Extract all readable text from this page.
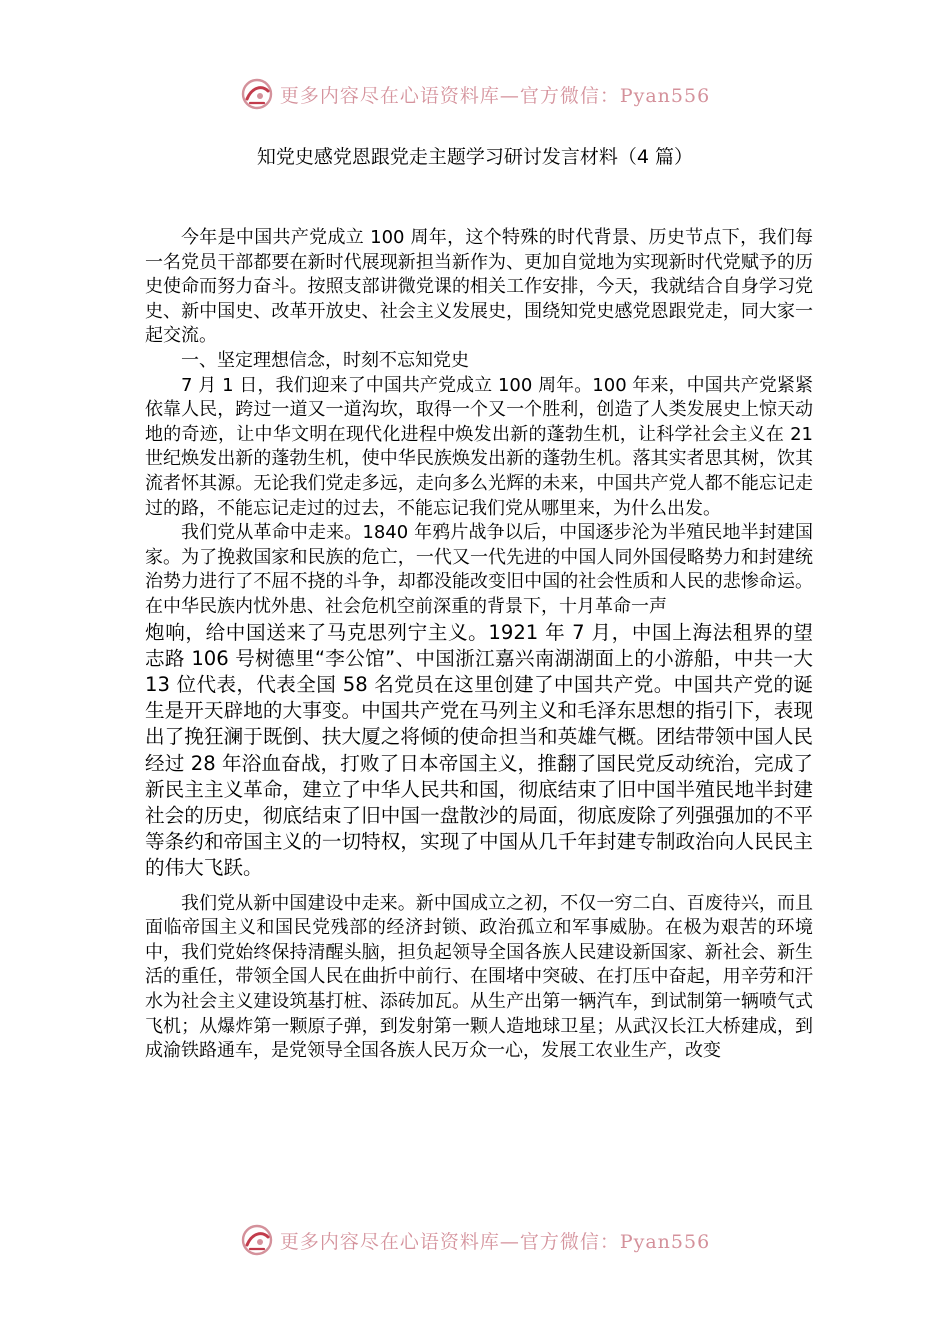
更多内容尽在心语资料库—官方微信：Pyan556
知党史感党恩跟党走主题学习研讨发言材料（4 篇）

今年是中国共产党成立 100 周年，这个特殊的时代背景、历史节点下，我们每一名党员干部都要在新时代展现新担当新作为、更加自觉地为实现新时代党赋予的历史使命而努力奋斗。按照支部讲微党课的相关工作安排，今天，我就结合自身学习党史、新中国史、改革开放史、社会主义发展史，围绕知党史感党恩跟党走，同大家一起交流。

一、坚定理想信念，时刻不忘知党史

7 月 1 日，我们迎来了中国共产党成立 100 周年。100 年来，中国共产党紧紧依靠人民，跨过一道又一道沟坎，取得一个又一个胜利，创造了人类发展史上惊天动地的奇迹，让中华文明在现代化进程中焕发出新的蓬勃生机，让科学社会主义在 21 世纪焕发出新的蓬勃生机，使中华民族焕发出新的蓬勃生机。落其实者思其树，饮其流者怀其源。无论我们党走多远，走向多么光辉的未来，中国共产党人都不能忘记走过的路，不能忘记走过的过去，不能忘记我们党从哪里来，为什么出发。

我们党从革命中走来。1840 年鸦片战争以后，中国逐步沦为半殖民地半封建国家。为了挽救国家和民族的危亡，一代又一代先进的中国人同外国侵略势力和封建统治势力进行了不屈不挠的斗争，却都没能改变旧中国的社会性质和人民的悲惨命运。在中华民族内忧外患、社会危机空前深重的背景下，十月革命一声

炮响，给中国送来了马克思列宁主义。1921 年 7 月，中国上海法租界的望志路 106 号树德里“李公馆”、中国浙江嘉兴南湖湖面上的小游船，中共一大 13 位代表，代表全国 58 名党员在这里创建了中国共产党。中国共产党的诞生是开天辟地的大事变。中国共产党在马列主义和毛泽东思想的指引下，表现出了挽狂澜于既倒、扶大厦之将倾的使命担当和英雄气概。团结带领中国人民经过 28 年浴血奋战，打败了日本帝国主义，推翻了国民党反动统治，完成了新民主主义革命，建立了中华人民共和国，彻底结束了旧中国半殖民地半封建社会的历史，彻底结束了旧中国一盘散沙的局面，彻底废除了列强强加的不平等条约和帝国主义的一切特权，实现了中国从几千年封建专制政治向人民民主的伟大飞跃。

我们党从新中国建设中走来。新中国成立之初，不仅一穷二白、百废待兴，而且面临帝国主义和国民党残部的经济封锁、政治孤立和军事威胁。在极为艰苦的环境中，我们党始终保持清醒头脑，担负起领导全国各族人民建设新国家、新社会、新生活的重任，带领全国人民在曲折中前行、在围堵中突破、在打压中奋起，用辛劳和汗水为社会主义建设筑基打桩、添砖加瓦。从生产出第一辆汽车，到试制第一辆喷气式飞机；从爆炸第一颗原子弹，到发射第一颗人造地球卫星；从武汉长江大桥建成，到成渝铁路通车，是党领导全国各族人民万众一心，发展工农业生产，改变

更多内容尽在心语资料库—官方微信：Pyan556
